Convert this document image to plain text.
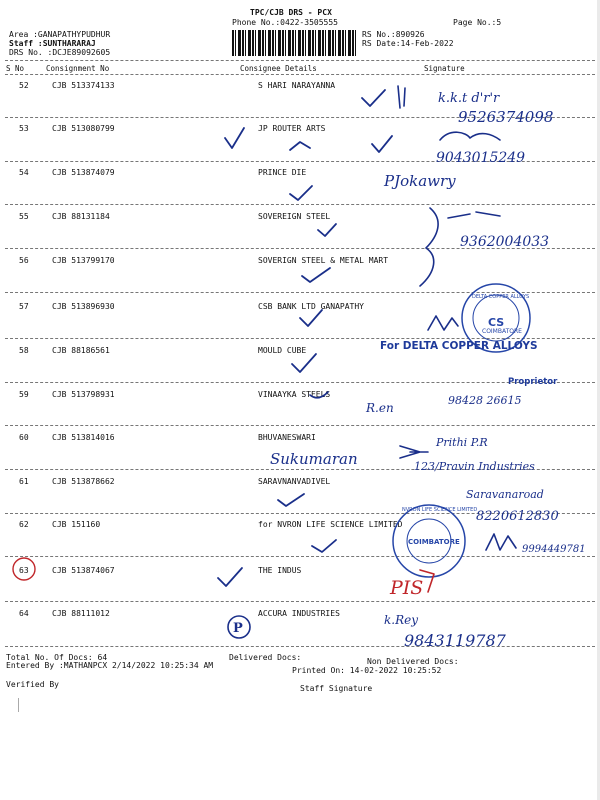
TPC/CJB DRS - PCX
Phone No.:0422-3505555
Area :GANAPATHYPUDHUR
Staff :SUNTHARARAJ
DRS No. :DCJE89092605
RS No.:890926
RS Date:14-Feb-2022
Page No.:5
S No	Consignment No	Consignee Details	Signature
52	CJB 513374133	S HARI NARAYANNA
53	CJB 513080799	JP ROUTER ARTS
54	CJB 513874079	PRINCE DIE
55	CJB 88131184	SOVEREIGN STEEL
56	CJB 513799170	SOVERIGN STEEL & METAL MART
57	CJB 513896930	CSB BANK LTD GANAPATHY
58	CJB 88186561	MOULD CUBE
59	CJB 513798931	VINAAYKA STEELS
60	CJB 513814016	BHUVANESWARI
61	CJB 513878662	SARAVNANVADIVEL
62	CJB 151160	for NVRON LIFE SCIENCE LIMITED
63	CJB 513874067	THE INDUS
64	CJB 88111012	ACCURA INDUSTRIES
Total No. Of Docs: 64	Delivered Docs:	Non Delivered Docs:
Entered By :MATHANPCX 2/14/2022 10:25:34 AM
Printed On: 14-02-2022 10:25:52
Verified By	Staff Signature
k.k.t d'r'r
9526374098
9043015249
PJokawry
9362004033
DELTA COPPER ALLOYS
COIMBATORE
CS
For DELTA COPPER ALLOYS
Proprietor
R.en
98428 26615
Sukumaran
Prithi P.R
123/Pravin Industries
Saravanaroad
8220612830
NVRON LIFE SCIENCE LIMITED
COIMBATORE
9994449781
PIS
P
k.Rey
9843119787
